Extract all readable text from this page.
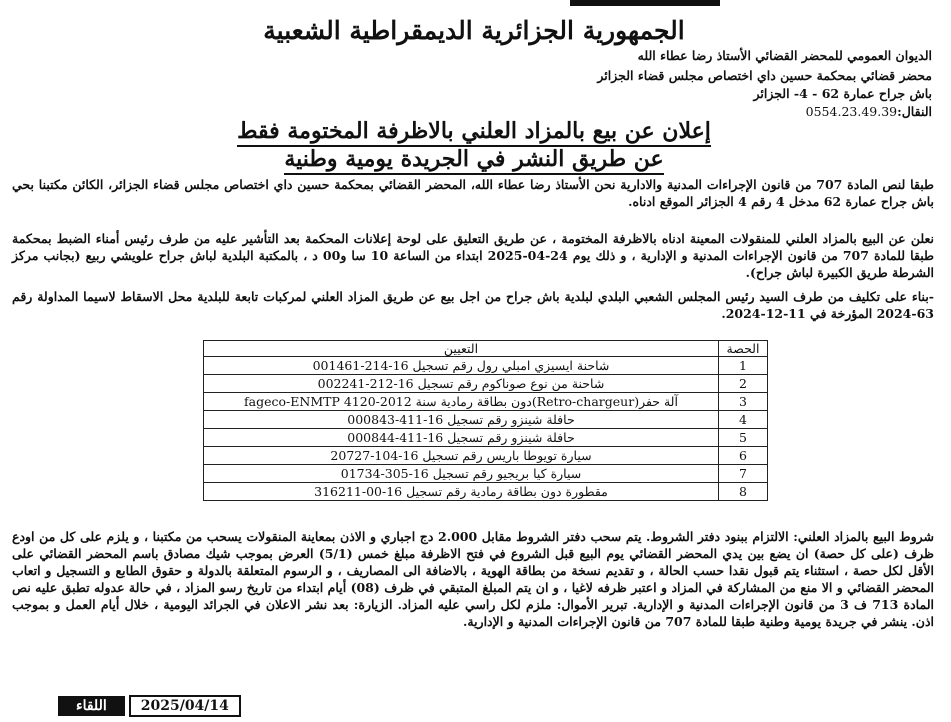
الجمهورية الجزائرية الديمقراطية الشعبية
الديوان العمومي للمحضر القضائي الأستاذ رضا عطاء الله
محضر قضائي بمحكمة حسين داي اختصاص مجلس قضاء الجزائر
باش جراح عمارة 62 - 4- الجزائر
النقال:0554.23.49.39
إعلان عن بيع بالمزاد العلني بالاظرفة المختومة فقط
عن طريق النشر في الجريدة يومية وطنية
طبقا لنص المادة 707 من قانون الإجراءات المدنية والادارية نحن الأستاذ رضا عطاء الله، المحضر القضائي بمحكمة حسين داي اختصاص مجلس قضاء الجزائر، الكائن مكتبنا بحي باش جراح عمارة 62 مدخل 4 رقم 4 الجزائر الموقع ادناه.
نعلن عن البيع بالمزاد العلني للمنقولات المعينة ادناه بالاظرفة المختومة ، عن طريق التعليق على لوحة إعلانات المحكمة بعد التأشير عليه من طرف رئيس أمناء الضبط بمحكمة طبقا للمادة 707 من قانون الإجراءات المدنية و الإدارية ، و ذلك يوم 24-04-2025 ابتداء من الساعة 10 سا و00 د ، بالمكتبة البلدية لباش جراح علويشي ربيع (بجانب مركز الشرطة طريق الكبيرة لباش جراح).
-بناء على تكليف من طرف السيد رئيس المجلس الشعبي البلدي لبلدية باش جراح من اجل بيع عن طريق المزاد العلني لمركبات تابعة للبلدية محل الاسقاط لاسيما المداولة رقم 63-2024 المؤرخة في 11-12-2024.
الحصة	التعيين
1	شاحنة ايسيزي امبلي رول رقم تسجيل 16-214-001461
2	شاحنة من نوع صوناكوم رقم تسجيل 16-212-002241
3	آلة حفر(Retro-chargeur)دون بطاقة رمادية سنة fageco-ENMTP 4120-2012
4	حافلة شينزو رقم تسجيل 16-411-000843
5	حافلة شينزو رقم تسجيل 16-411-000844
6	سيارة تويوطا باريس رقم تسجيل 16-104-20727
7	سيارة كيا بريجيو رقم تسجيل 16-305-01734
8	مقطورة دون بطاقة رمادية رقم تسجيل 16-00-316211
شروط البيع بالمزاد العلني: الالتزام ببنود دفتر الشروط. يتم سحب دفتر الشروط مقابل 2.000 دج اجباري و الاذن بمعاينة المنقولات يسحب من مكتبنا ، و يلزم على كل من اودع ظرف (على كل حصة) ان يضع بين يدي المحضر القضائي يوم البيع قبل الشروع في فتح الاظرفة مبلغ خمس (5/1) العرض بموجب شيك مصادق باسم المحضر القضائي على الأقل لكل حصة ، استثناء يتم قبول نقدا حسب الحالة ، و تقديم نسخة من بطاقة الهوية ، بالاضافة الى المصاريف ، و الرسوم المتعلقة بالدولة و حقوق الطابع و التسجيل و اتعاب المحضر القضائي و الا منع من المشاركة في المزاد و اعتبر ظرفه لاغيا ، و ان يتم المبلغ المتبقي في ظرف (08) أيام ابتداء من تاريخ رسو المزاد ، في حالة عدوله تطبق عليه نص المادة 713 ف 3 من قانون الإجراءات المدنية و الإدارية. تبرير الأموال: ملزم لكل راسي عليه المزاد. الزيارة: بعد نشر الاعلان في الجرائد اليومية ، خلال أيام العمل و بموجب اذن. ينشر في جريدة يومية وطنية طبقا للمادة 707 من قانون الإجراءات المدنية و الإدارية.
اللقاء	2025/04/14
